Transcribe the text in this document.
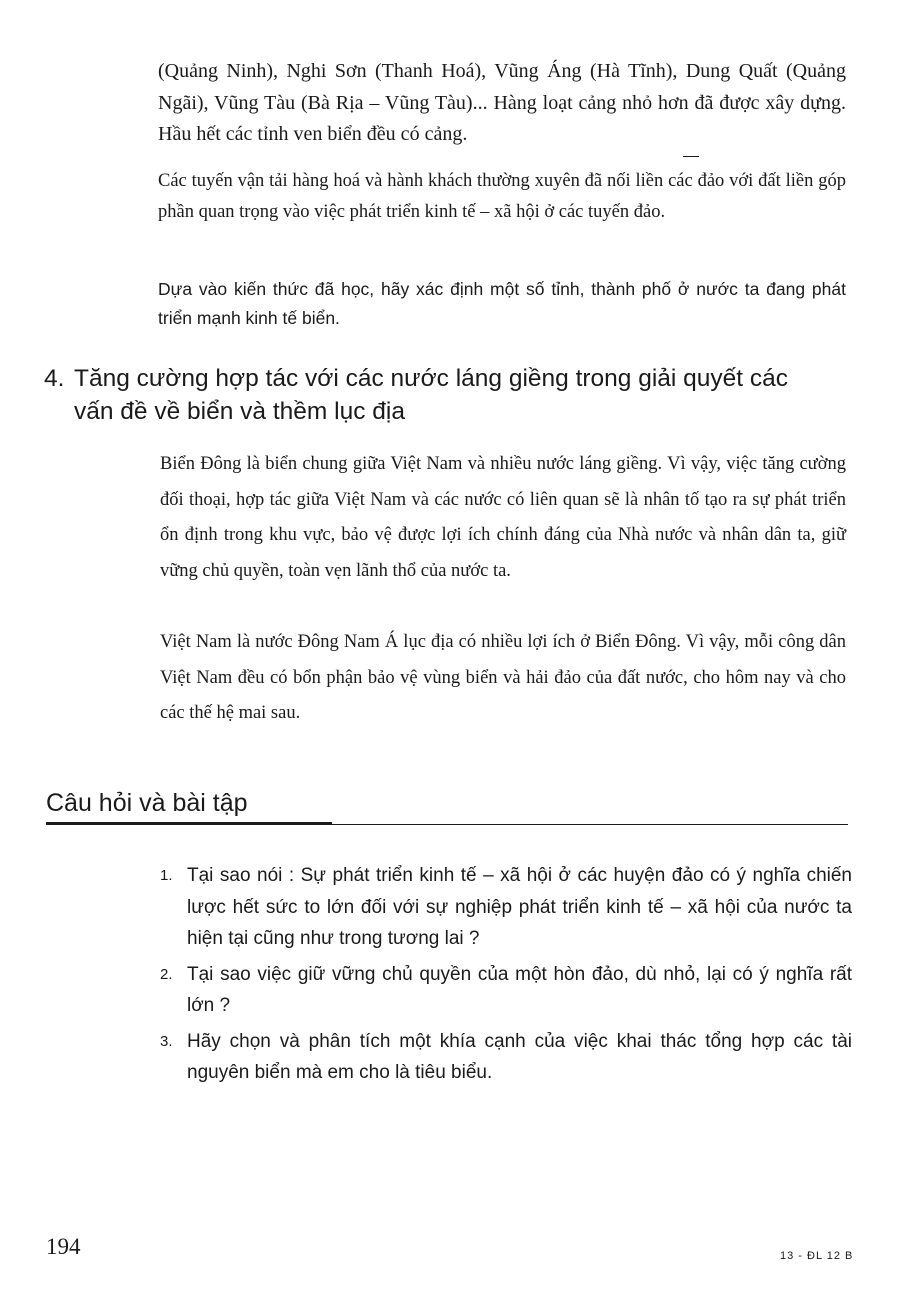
(Quảng Ninh), Nghi Sơn (Thanh Hoá), Vũng Áng (Hà Tĩnh), Dung Quất (Quảng Ngãi), Vũng Tàu (Bà Rịa – Vũng Tàu)... Hàng loạt cảng nhỏ hơn đã được xây dựng. Hầu hết các tỉnh ven biển đều có cảng.

Các tuyến vận tải hàng hoá và hành khách thường xuyên đã nối liền các đảo với đất liền góp phần quan trọng vào việc phát triển kinh tế – xã hội ở các tuyến đảo.

Dựa vào kiến thức đã học, hãy xác định một số tỉnh, thành phố ở nước ta đang phát triển mạnh kinh tế biển.

4. Tăng cường hợp tác với các nước láng giềng trong giải quyết các
vấn đề về biển và thềm lục địa

Biển Đông là biển chung giữa Việt Nam và nhiều nước láng giềng. Vì vậy, việc tăng cường đối thoại, hợp tác giữa Việt Nam và các nước có liên quan sẽ là nhân tố tạo ra sự phát triển ổn định trong khu vực, bảo vệ được lợi ích chính đáng của Nhà nước và nhân dân ta, giữ vững chủ quyền, toàn vẹn lãnh thổ của nước ta.

Việt Nam là nước Đông Nam Á lục địa có nhiều lợi ích ở Biển Đông. Vì vậy, mỗi công dân Việt Nam đều có bổn phận bảo vệ vùng biển và hải đảo của đất nước, cho hôm nay và cho các thế hệ mai sau.

Câu hỏi và bài tập
1. Tại sao nói : Sự phát triển kinh tế – xã hội ở các huyện đảo có ý nghĩa chiến lược hết sức to lớn đối với sự nghiệp phát triển kinh tế – xã hội của nước ta hiện tại cũng như trong tương lai ?
2. Tại sao việc giữ vững chủ quyền của một hòn đảo, dù nhỏ, lại có ý nghĩa rất lớn ?
3. Hãy chọn và phân tích một khía cạnh của việc khai thác tổng hợp các tài nguyên biển mà em cho là tiêu biểu.

194	13 - ĐL 12 B
